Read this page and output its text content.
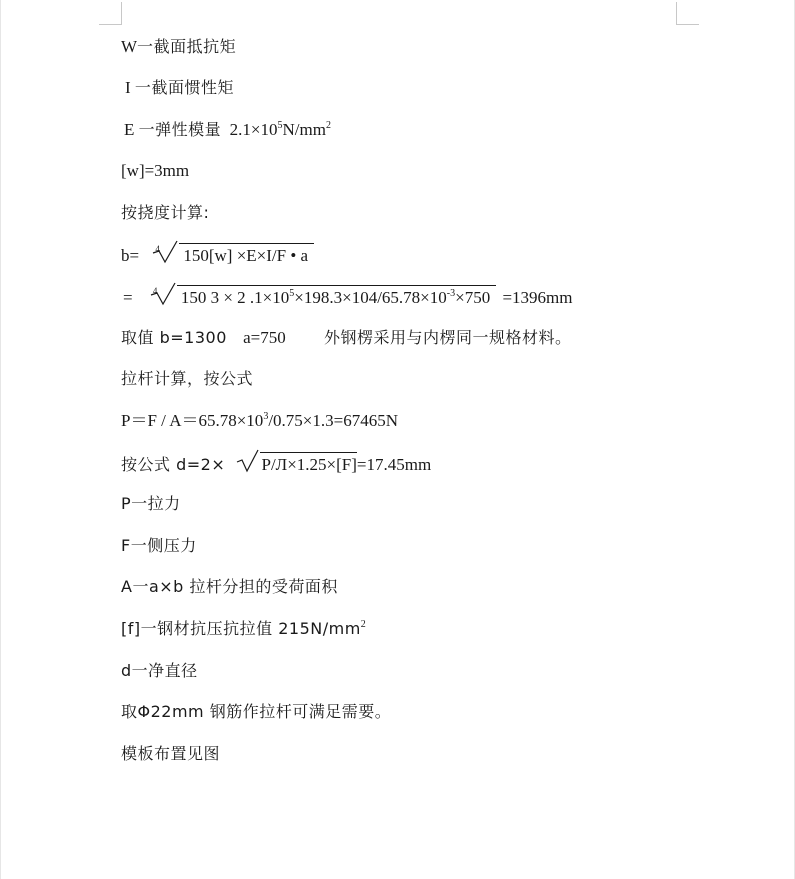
W一截面抵抗矩
I 一截面惯性矩
E 一弹性模量 $2.1\times 10^5N/mm^2$
[w]=3mm
按挠度计算:
b= 4 150[w] ×E×I/F • a
= 4 150 3 × 2 $.1\times 10^5\times 198.3\times 104/65.78\times 10^{-3}\times 750 =1396mm$
取值 b=1300 a=750 外钢楞采用与内楞同一规格材料。
拉杆计算，按公式
$P=F / A=65.78\times 10^3/0.75\times 1.3=67465N$
按公式 d=2× P/Л×1.25×[F]=17.45mm
P一拉力
F一侧压力
A一a×b 拉杆分担的受荷面积
[f]一钢材抗压抗拉值 $215N/mm^2$
d一净直径
取Φ22mm 钢筋作拉杆可满足需要。
模板布置见图
